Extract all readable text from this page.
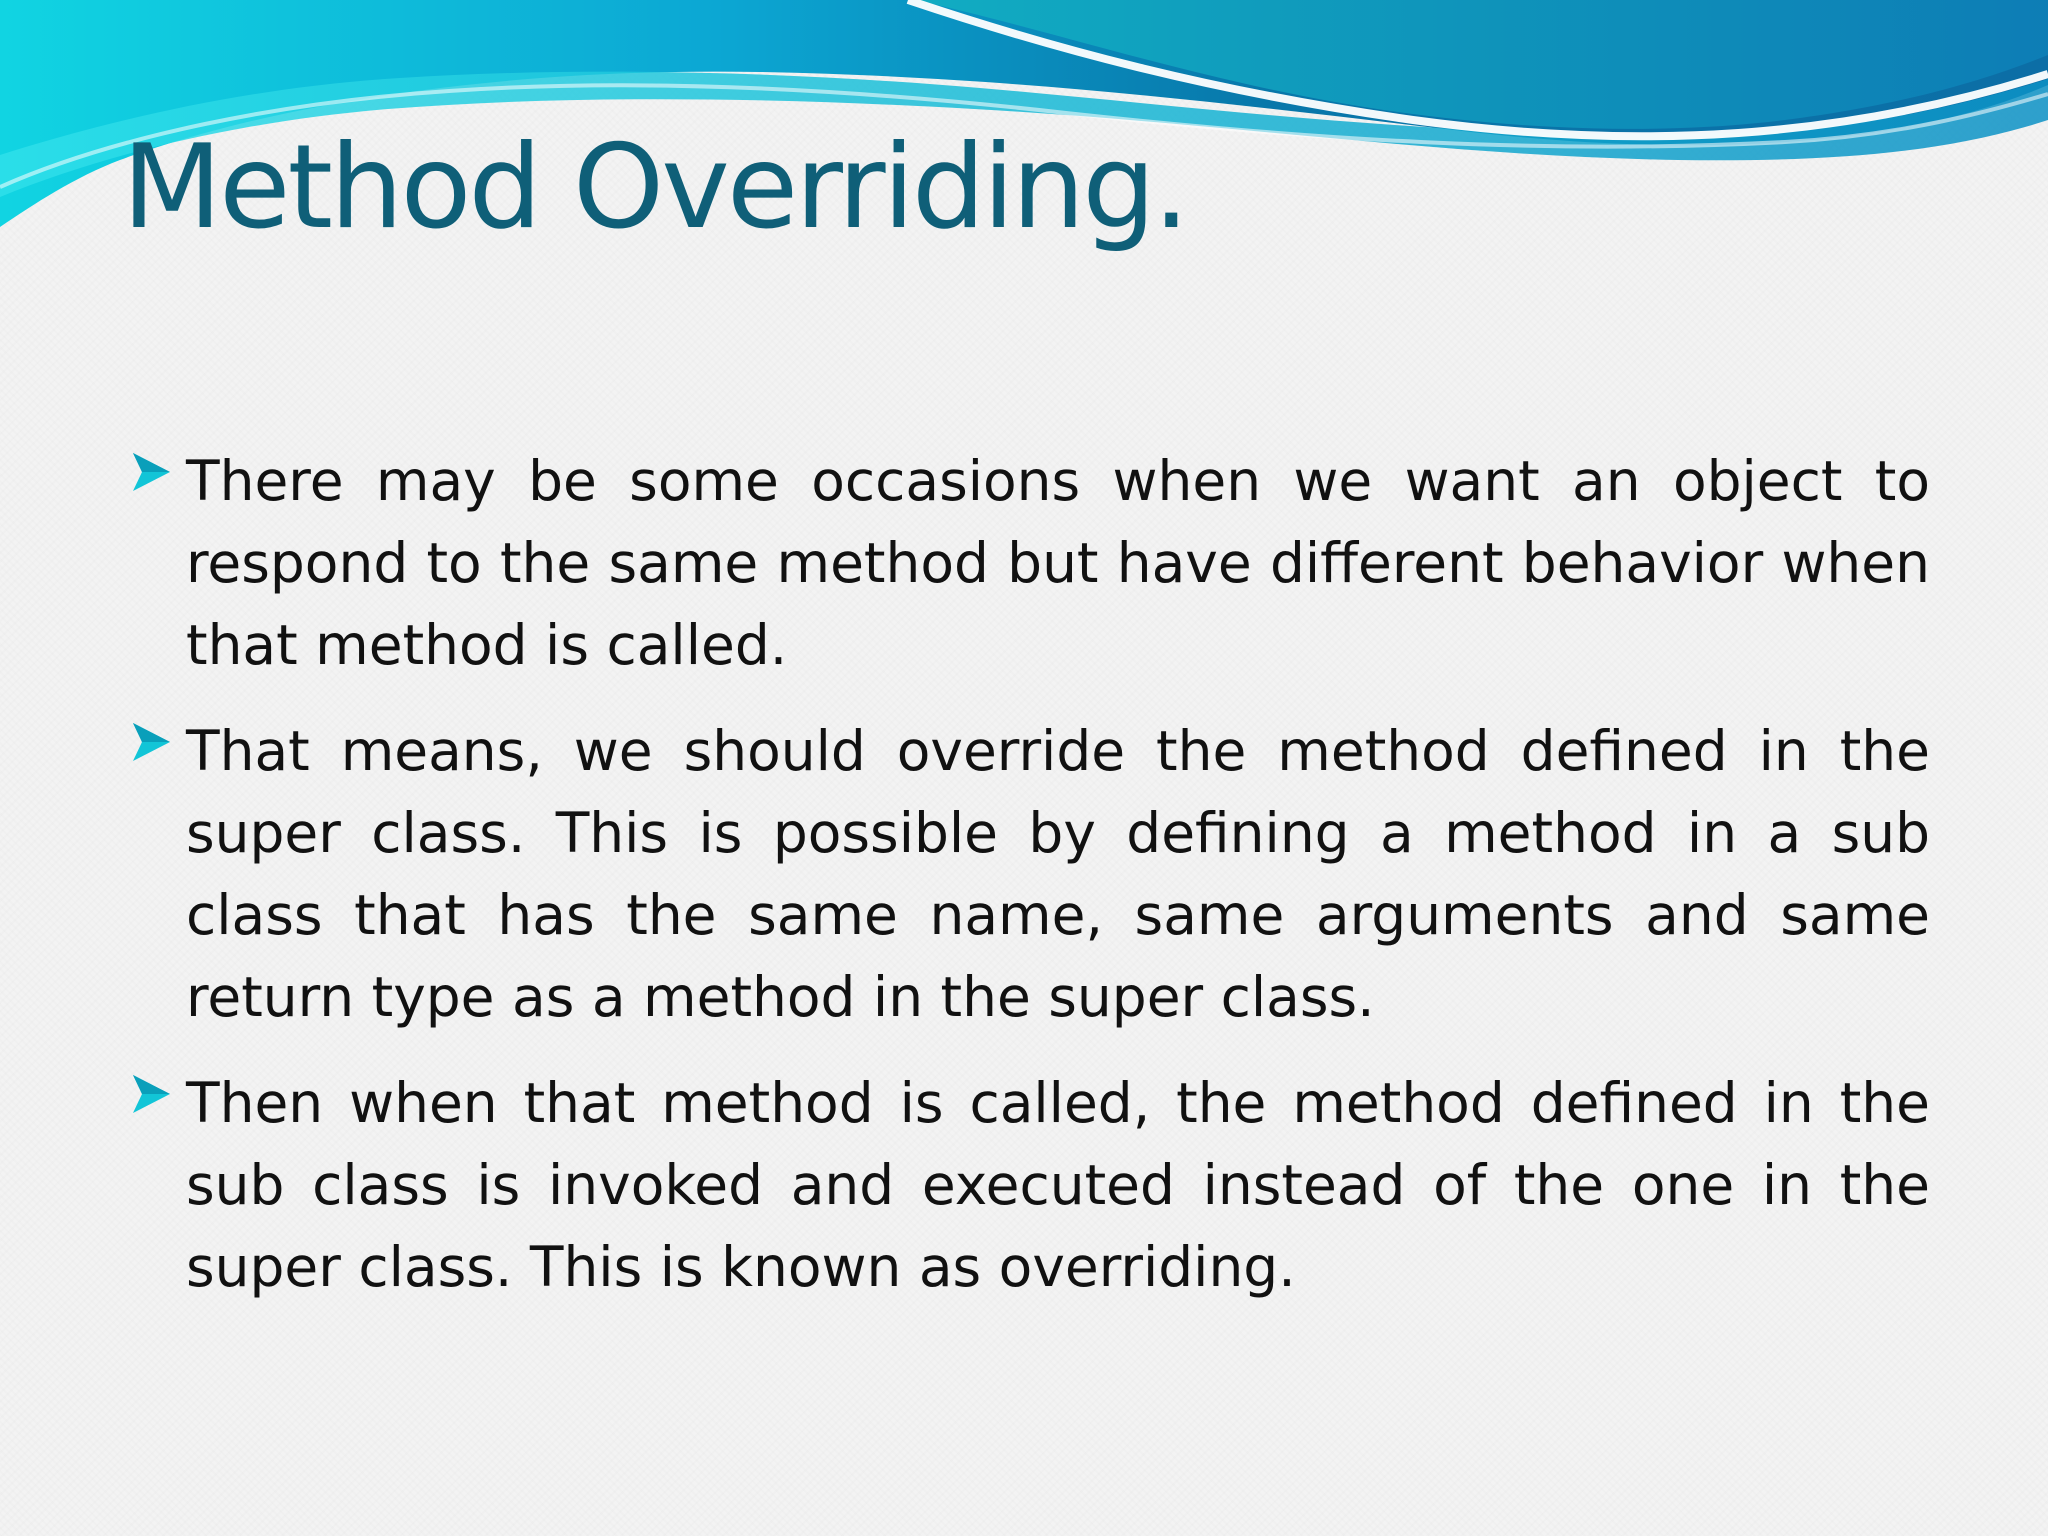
Method Overriding.
There may be some occasions when we want an object to respond to the same method but have different behavior when that method is called.
That means, we should override the method defined in the super class. This is possible by defining a method in a sub class that has the same name, same arguments and same return type as a method in the super class.
Then when that method is called, the method defined in the sub class is invoked and executed instead of the one in the super class. This is known as overriding.
